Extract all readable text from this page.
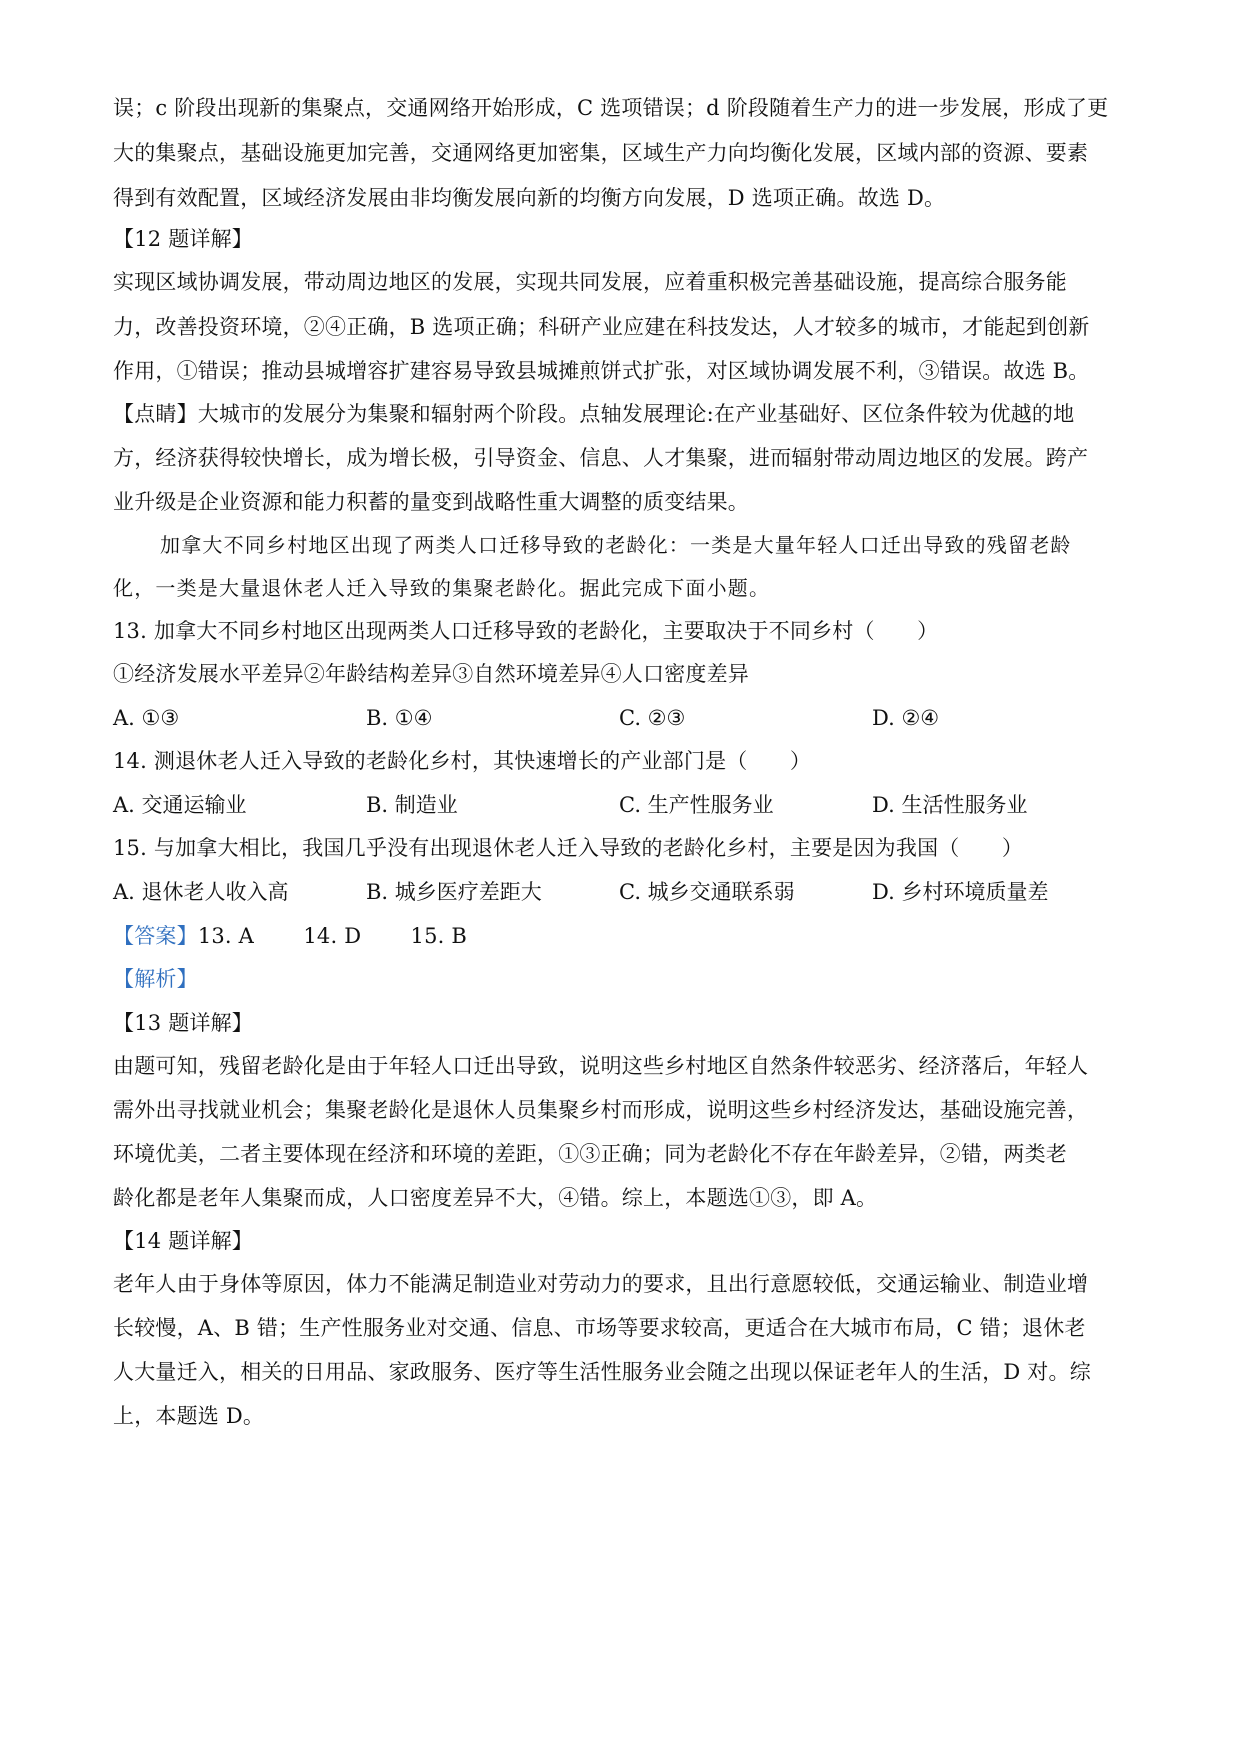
误；c 阶段出现新的集聚点，交通网络开始形成，C 选项错误；d 阶段随着生产力的进一步发展，形成了更
大的集聚点，基础设施更加完善，交通网络更加密集，区域生产力向均衡化发展，区域内部的资源、要素
得到有效配置，区域经济发展由非均衡发展向新的均衡方向发展，D 选项正确。故选 D。
【12 题详解】
实现区域协调发展，带动周边地区的发展，实现共同发展，应着重积极完善基础设施，提高综合服务能
力，改善投资环境，②④正确，B 选项正确；科研产业应建在科技发达，人才较多的城市，才能起到创新
作用，①错误；推动县城增容扩建容易导致县城摊煎饼式扩张，对区域协调发展不利，③错误。故选 B。
【点睛】大城市的发展分为集聚和辐射两个阶段。点轴发展理论:在产业基础好、区位条件较为优越的地
方，经济获得较快增长，成为增长极，引导资金、信息、人才集聚，进而辐射带动周边地区的发展。跨产
业升级是企业资源和能力积蓄的量变到战略性重大调整的质变结果。
加拿大不同乡村地区出现了两类人口迁移导致的老龄化：一类是大量年轻人口迁出导致的残留老龄
化，一类是大量退休老人迁入导致的集聚老龄化。据此完成下面小题。
13. 加拿大不同乡村地区出现两类人口迁移导致的老龄化，主要取决于不同乡村（　　）
①经济发展水平差异②年龄结构差异③自然环境差异④人口密度差异
A. ①③	B. ①④	C. ②③	D. ②④
14. 测退休老人迁入导致的老龄化乡村，其快速增长的产业部门是（　　）
A. 交通运输业	B. 制造业	C. 生产性服务业	D. 生活性服务业
15. 与加拿大相比，我国几乎没有出现退休老人迁入导致的老龄化乡村，主要是因为我国（　　）
A. 退休老人收入高	B. 城乡医疗差距大	C. 城乡交通联系弱	D. 乡村环境质量差
【答案】13. A　　 14. D　　 15. B
【解析】
【13 题详解】
由题可知，残留老龄化是由于年轻人口迁出导致，说明这些乡村地区自然条件较恶劣、经济落后，年轻人
需外出寻找就业机会；集聚老龄化是退休人员集聚乡村而形成，说明这些乡村经济发达，基础设施完善，
环境优美，二者主要体现在经济和环境的差距，①③正确；同为老龄化不存在年龄差异，②错，两类老
龄化都是老年人集聚而成，人口密度差异不大，④错。综上，本题选①③，即 A。
【14 题详解】
老年人由于身体等原因，体力不能满足制造业对劳动力的要求，且出行意愿较低，交通运输业、制造业增
长较慢，A、B 错；生产性服务业对交通、信息、市场等要求较高，更适合在大城市布局，C 错；退休老
人大量迁入，相关的日用品、家政服务、医疗等生活性服务业会随之出现以保证老年人的生活，D 对。综
上，本题选 D。
